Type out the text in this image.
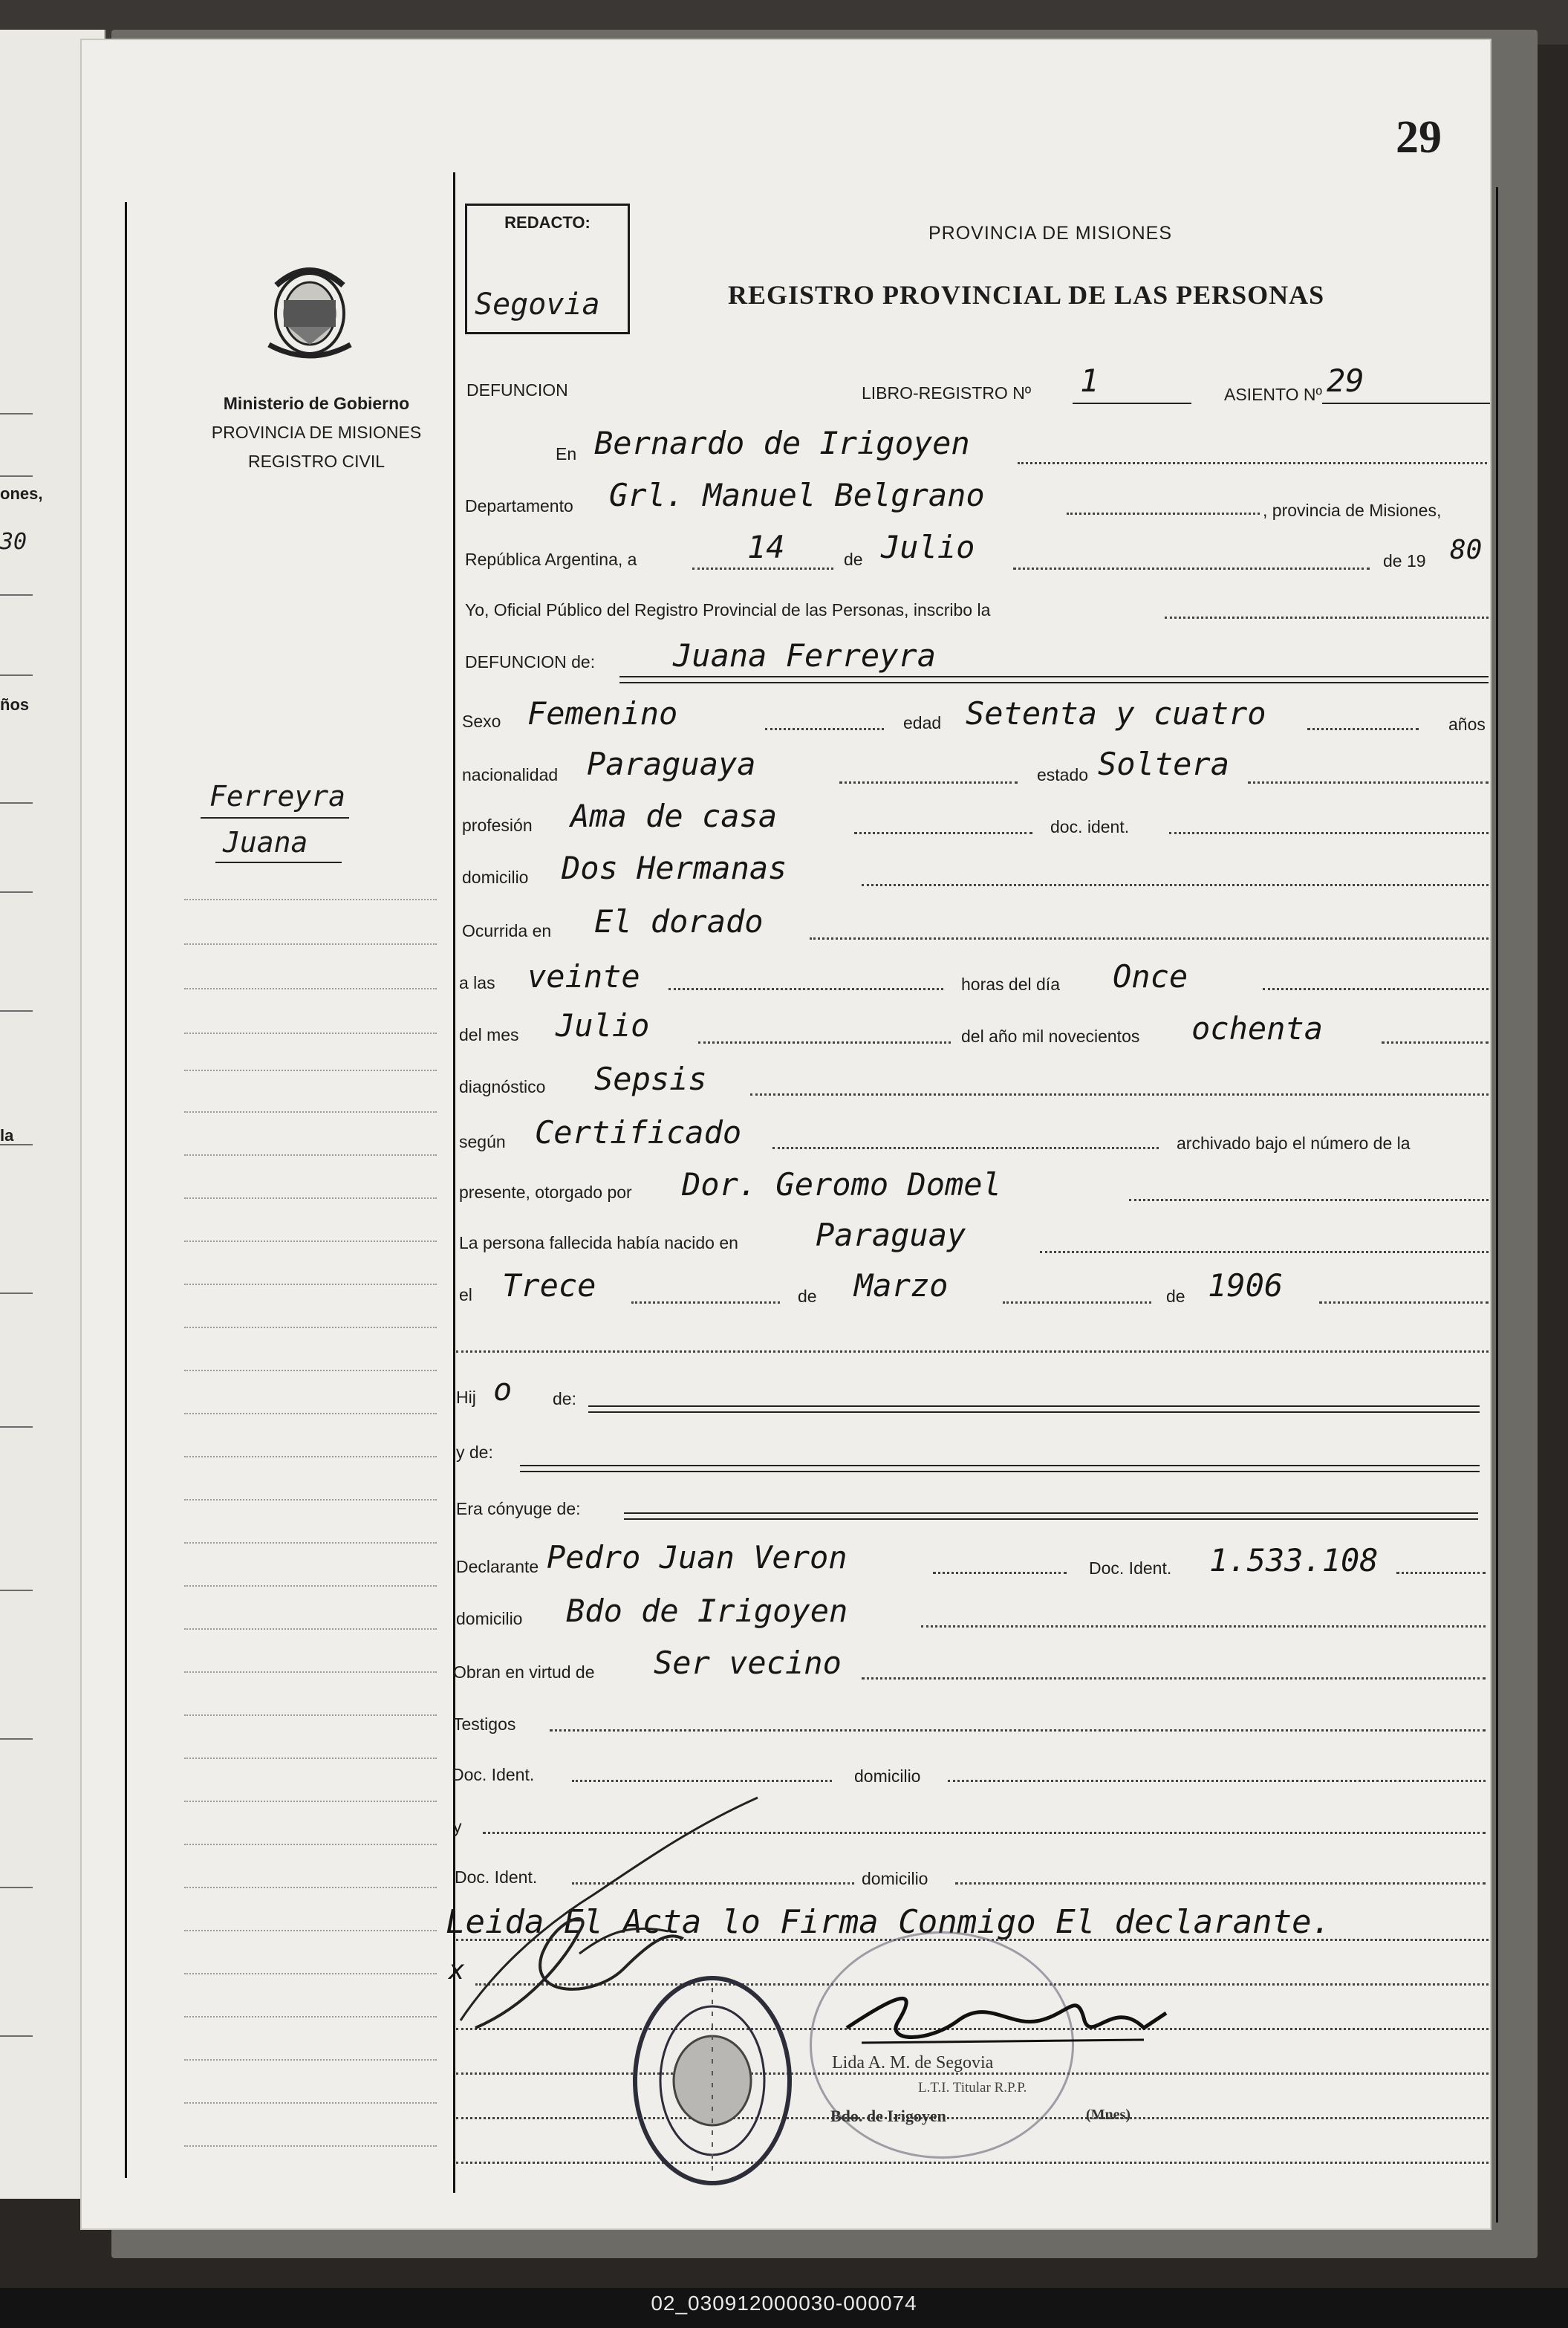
ones,
30
ños
la
29
REDACTO:
Segovia
Ministerio de Gobierno
PROVINCIA DE MISIONES
REGISTRO CIVIL
PROVINCIA DE MISIONES
REGISTRO PROVINCIAL DE LAS PERSONAS
Ferreyra
Juana
DEFUNCION	LIBRO-REGISTRO Nº 1	ASIENTO Nº 29
En Bernardo de Irigoyen
Departamento Grl. Manuel Belgrano	, provincia de Misiones,
República Argentina, a	14	de Julio	de 19 80
Yo, Oficial Público del Registro Provincial de las Personas, inscribo la
DEFUNCION de: Juana Ferreyra
Sexo Femenino	edad Setenta y cuatro	años
nacionalidad Paraguaya	estado Soltera
profesión Ama de casa	doc. ident.
domicilio Dos Hermanas
Ocurrida en El dorado
a las veinte	horas del día Once
del mes Julio	del año mil novecientos ochenta
diagnóstico Sepsis
según Certificado	archivado bajo el número de la
presente, otorgado por Dor. Geromo Domel
La persona fallecida había nacido en Paraguay
el Trece	de Marzo	de 1906
Hij o de:
y de:
Era cónyuge de:
Declarante Pedro Juan Veron	Doc. Ident. 1.533.108
domicilio Bdo de Irigoyen
Obran en virtud de Ser vecino
Testigos
Doc. Ident.	domicilio
y
Doc. Ident.	domicilio
Leida El Acta lo Firma Conmigo El declarante.
x
Lida A. M. de Segovia
L.T.I. Titular R.P.P.
Bdo. de Irigoyen	(Mnes)
02_030912000030-000074
